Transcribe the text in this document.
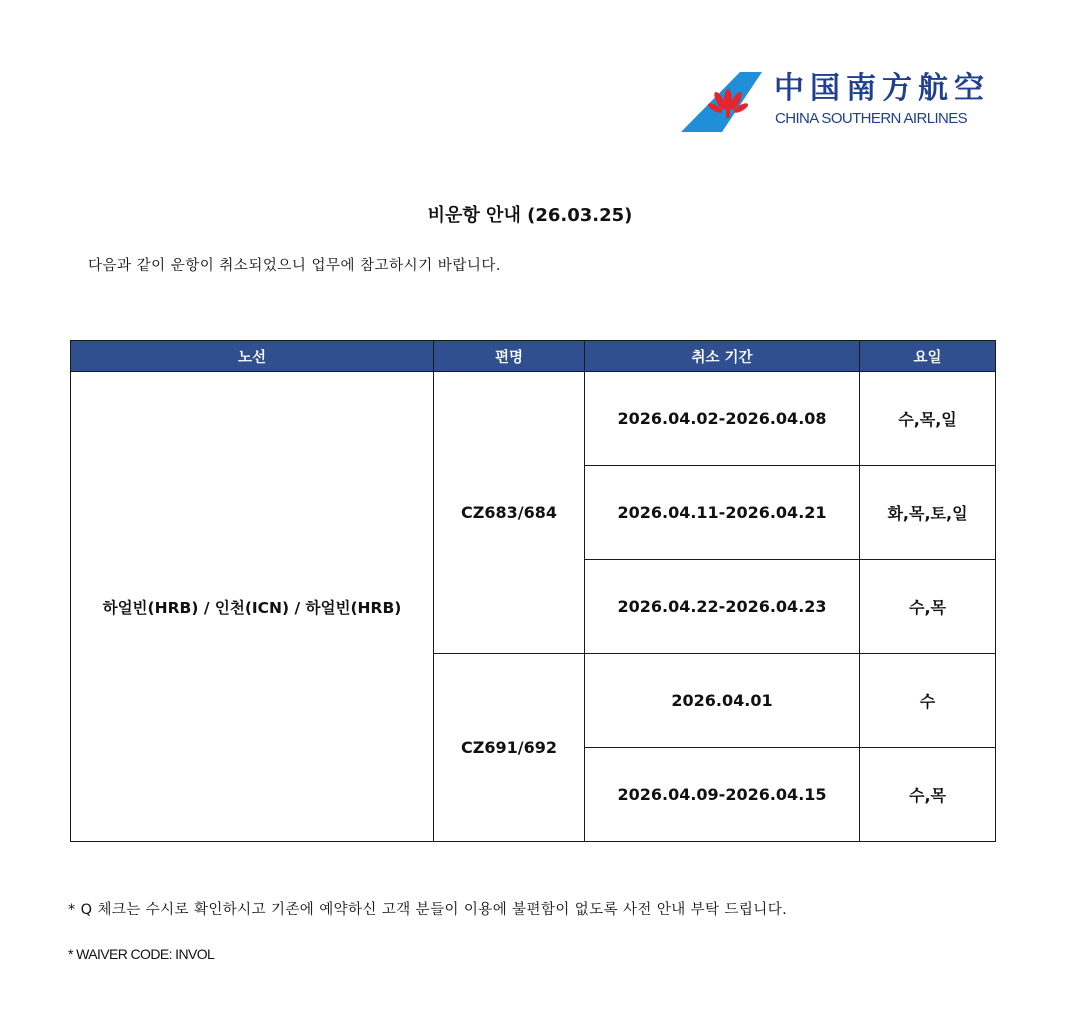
中国南方航空
CHINA SOUTHERN AIRLINES
비운항 안내 (26.03.25)
다음과 같이 운항이 취소되었으니 업무에 참고하시기 바랍니다.
노선	편명	취소 기간	요일
하얼빈(HRB) / 인천(ICN) / 하얼빈(HRB)	CZ683/684	2026.04.02-2026.04.08	수,목,일
		2026.04.11-2026.04.21	화,목,토,일
		2026.04.22-2026.04.23	수,목
	CZ691/692	2026.04.01	수
		2026.04.09-2026.04.15	수,목
* Q 체크는 수시로 확인하시고 기존에 예약하신 고객 분들이 이용에 불편함이 없도록 사전 안내 부탁 드립니다.
* WAIVER CODE: INVOL
